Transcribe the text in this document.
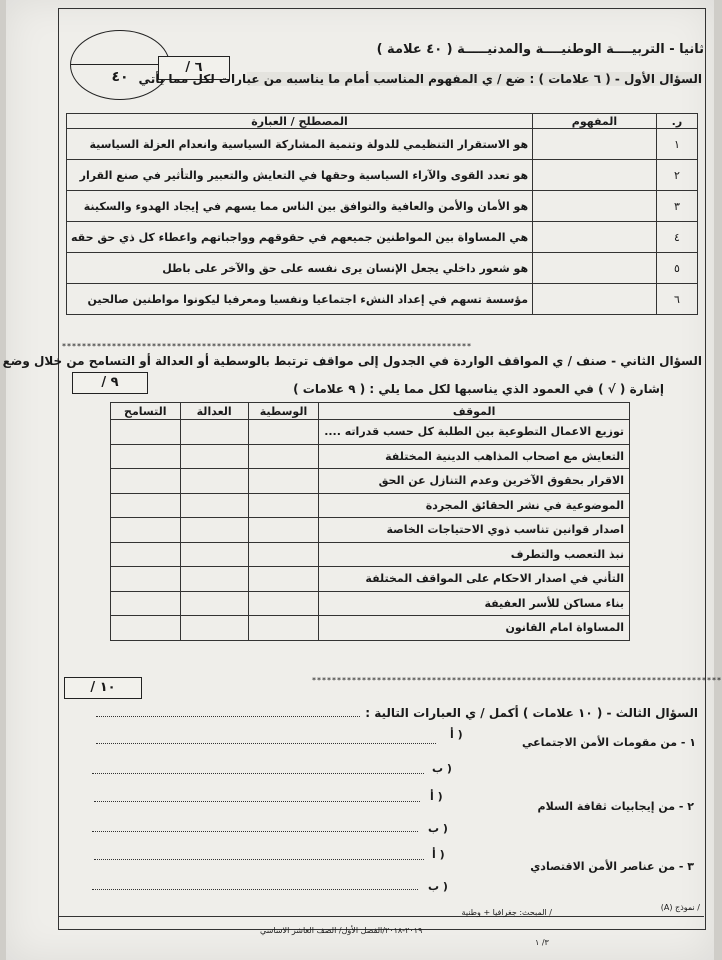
ثانيا - التربيــــة الوطنيــــة والمدنيـــــة ( ٤٠ علامة )
٤٠
/ ٦
السؤال الأول - ( ٦ علامات ) : ضع / ي المفهوم المناسب أمام ما يناسبه من عبارات لكل مما يأتي
ر.	المفهوم	المصطلح / العبارة
١		هو الاستقرار التنظيمي للدولة وتنمية المشاركة السياسية وانعدام العزلة السياسية
٢		هو تعدد القوى والآراء السياسية وحقها في التعايش والتعبير والتأثير في صنع القرار
٣		هو الأمان والأمن والعافية والتوافق بين الناس مما يسهم في إيجاد الهدوء والسكينة
٤		هي المساواة بين المواطنين جميعهم في حقوقهم وواجباتهم واعطاء كل ذي حق حقه
٥		هو شعور داخلي يجعل الإنسان يرى نفسه على حق والآخر على باطل
٦		مؤسسة تسهم في إعداد النشء اجتماعيا ونفسيا ومعرفيا ليكونوا مواطنين صالحين
**********************************************************************************
السؤال الثاني - صنف / ي المواقف الواردة في الجدول إلى مواقف ترتبط بالوسطية أو العدالة أو التسامح من خلال وضع
/ ٩	إشارة ( √ ) في العمود الذي يناسبها لكل مما يلي : ( ٩ علامات )
الموقف	الوسطية	العدالة	التسامح
توزيع الاعمال التطوعية بين الطلبة كل حسب قدراته ....			
التعايش مع اصحاب المذاهب الدينية المختلفة			
الاقرار بحقوق الآخرين وعدم التنازل عن الحق			
الموضوعية في نشر الحقائق المجردة			
اصدار قوانين تناسب ذوي الاحتياجات الخاصة			
نبذ التعصب والتطرف			
التأني في اصدار الاحكام على المواقف المختلفة			
بناء مساكن للأسر العفيفة			
المساواة امام القانون			
**********************************************************************************
/ ١٠
السؤال الثالث - ( ١٠ علامات ) أكمل / ي العبارات التالية :
١ - من مقومات الأمن الاجتماعي
أ )
ب )
أ )
٢ - من إيجابيات ثقافة السلام
ب )
أ )
٣ - من عناصر الأمن الاقتصادي
ب )
/ نموذج (A)
/ المبحث: جغرافيا + وطنية
٢٠١٩-٢٠١٨/الفصل الأول/ الصف العاشر الاساسي
٣/ ١
